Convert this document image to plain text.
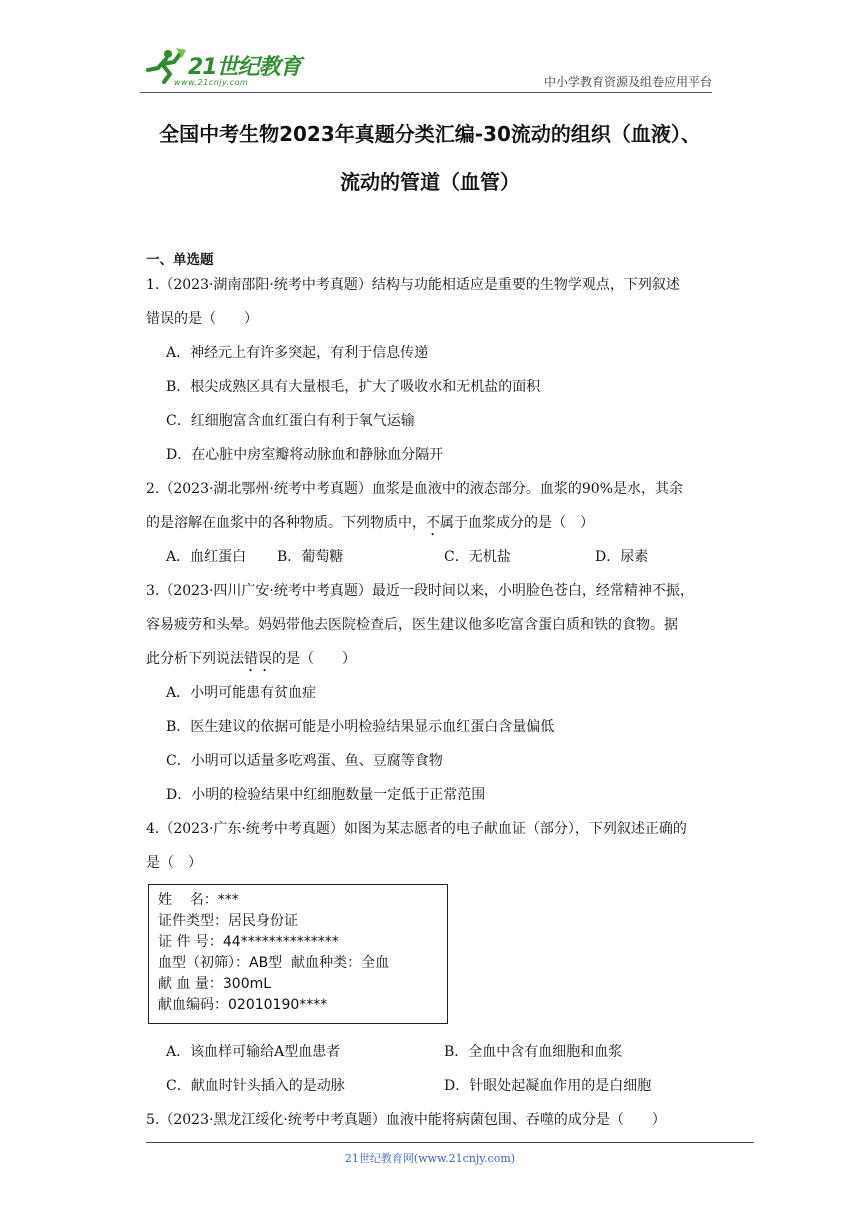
21世纪教育
www.21cnjy.com	中小学教育资源及组卷应用平台
全国中考生物2023年真题分类汇编-30流动的组织（血液）、
流动的管道（血管）
一、单选题
1.（2023·湖南邵阳·统考中考真题）结构与功能相适应是重要的生物学观点，下列叙述
错误的是（　　）
A．神经元上有许多突起，有利于信息传递
B．根尖成熟区具有大量根毛，扩大了吸收水和无机盐的面积
C．红细胞富含血红蛋白有利于氧气运输
D．在心脏中房室瓣将动脉血和静脉血分隔开
2.（2023·湖北鄂州·统考中考真题）血浆是血液中的液态部分。血浆的90%是水，其余
的是溶解在血浆中的各种物质。下列物质中，不属于血浆成分的是（　）
A．血红蛋白 B．葡萄糖	C．无机盐	D．尿素
3.（2023·四川广安·统考中考真题）最近一段时间以来，小明脸色苍白，经常精神不振，
容易疲劳和头晕。妈妈带他去医院检查后，医生建议他多吃富含蛋白质和铁的食物。据
此分析下列说法错误的是（　　）
A．小明可能患有贫血症
B．医生建议的依据可能是小明检验结果显示血红蛋白含量偏低
C．小明可以适量多吃鸡蛋、鱼、豆腐等食物
D．小明的检验结果中红细胞数量一定低于正常范围
4.（2023·广东·统考中考真题）如图为某志愿者的电子献血证（部分），下列叙述正确的
是（　）
姓    名：***
证件类型：居民身份证
证 件 号：44**************
血型（初筛）：AB型  献血种类：全血
献 血 量：300mL
献血编码：02010190****
A．该血样可输给A型血患者	B．全血中含有血细胞和血浆
C．献血时针头插入的是动脉	D．针眼处起凝血作用的是白细胞
5.（2023·黑龙江绥化·统考中考真题）血液中能将病菌包围、吞噬的成分是（　　）
21世纪教育网(www.21cnjy.com)
